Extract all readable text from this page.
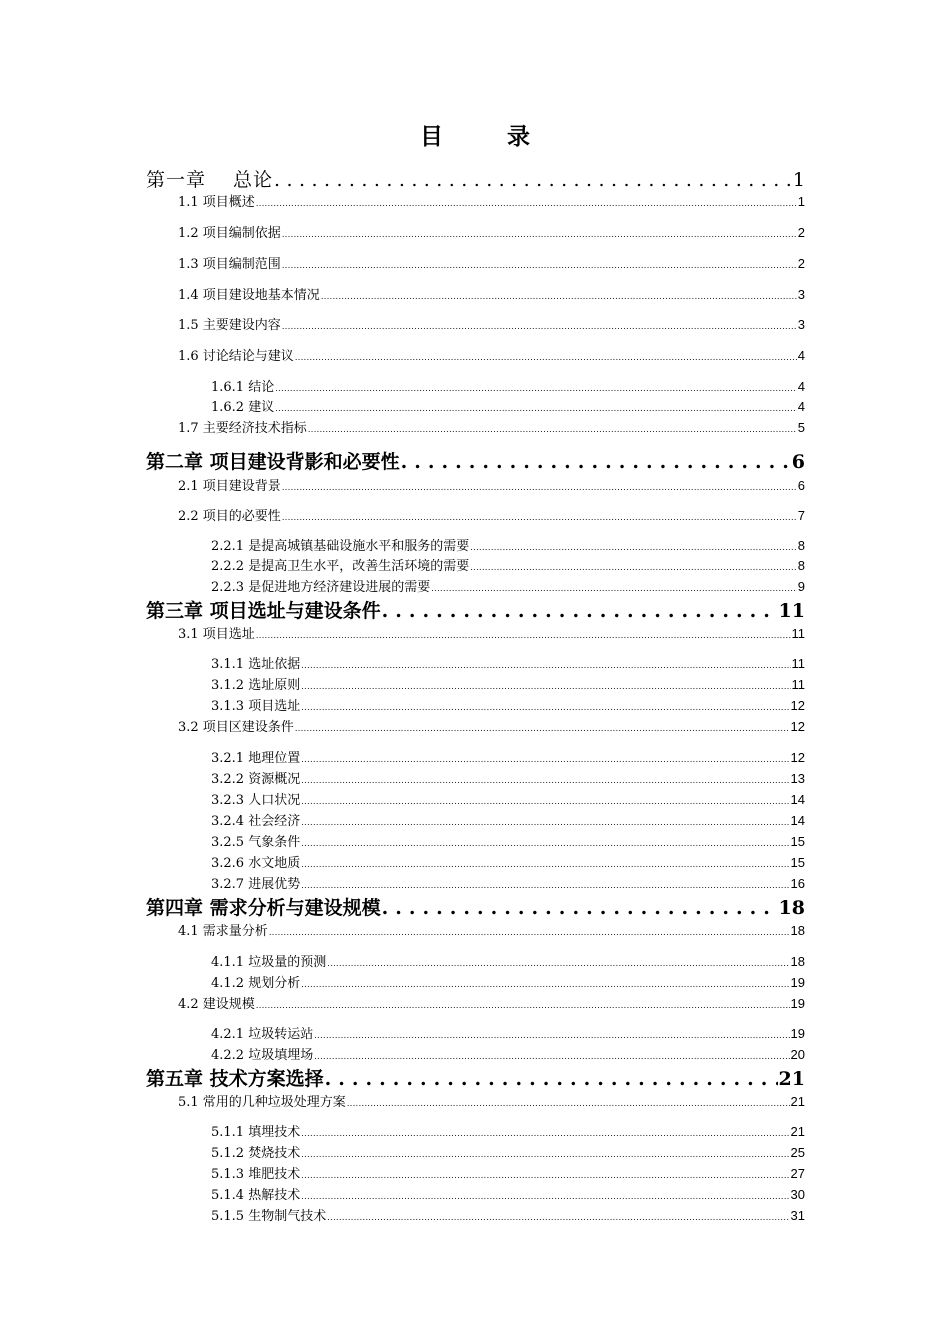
目 录
第一章　 总论 . . .	1
1.1 项目概述 .....	1
1.2 项目编制依据 .....	2
1.3 项目编制范围 .....	2
1.4 项目建设地基本情况 .....	3
1.5 主要建设内容 .....	3
1.6 讨论结论与建议 .....	4
1.6.1 结论 .....	4
1.6.2 建议 .....	4
1.7 主要经济技术指标 .....	5
第二章 项目建设背影和必要性 . . .	6
2.1 项目建设背景 .....	6
2.2 项目的必要性 .....	7
2.2.1 是提高城镇基础设施水平和服务的需要 .....	8
2.2.2 是提高卫生水平，改善生活环境的需要 .....	8
2.2.3 是促进地方经济建设进展的需要 .....	9
第三章 项目选址与建设条件 . . .	11
3.1 项目选址 .....	11
3.1.1 选址依据 .....	11
3.1.2 选址原则 .....	11
3.1.3 项目选址 .....	12
3.2 项目区建设条件 .....	12
3.2.1 地理位置 .....	12
3.2.2 资源概况 .....	13
3.2.3 人口状况 .....	14
3.2.4 社会经济 .....	14
3.2.5 气象条件 .....	15
3.2.6 水文地质 .....	15
3.2.7 进展优势 .....	16
第四章 需求分析与建设规模 . . .	18
4.1 需求量分析 .....	18
4.1.1 垃圾量的预测 .....	18
4.1.2 规划分析 .....	19
4.2 建设规模 .....	19
4.2.1 垃圾转运站 .....	19
4.2.2 垃圾填埋场 .....	20
第五章 技术方案选择 . . .	21
5.1 常用的几种垃圾处理方案 .....	21
5.1.1 填埋技术 .....	21
5.1.2 焚烧技术 .....	25
5.1.3 堆肥技术 .....	27
5.1.4 热解技术 .....	30
5.1.5 生物制气技术 .....	31
